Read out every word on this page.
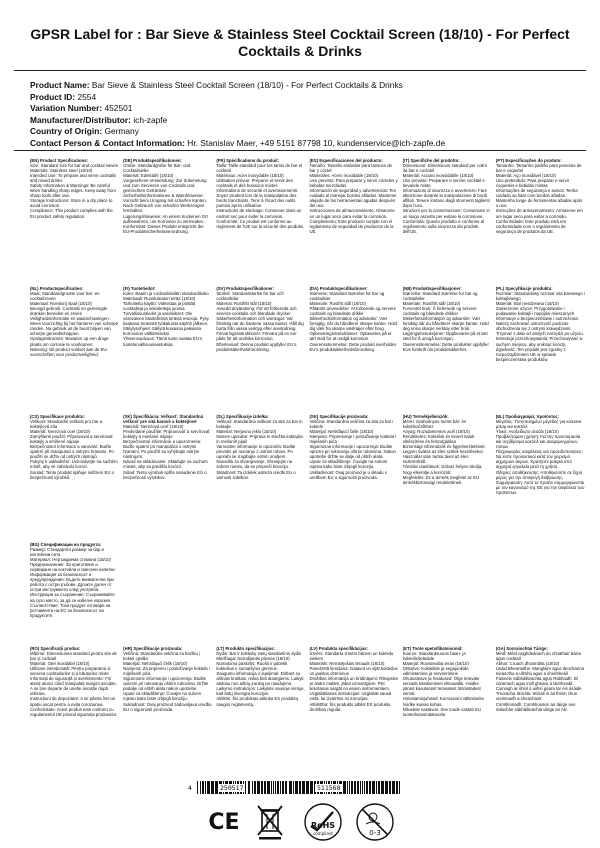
GPSR Label for : Bar Sieve & Stainless Steel Cocktail Screen (18/10) - For Perfect Cocktails & Drinks
Product Name: Bar Sieve & Stainless Steel Cocktail Screen (18/10) - For Perfect Cocktails & Drinks
Product ID: 2554
Variation Number: 452501
Manufacturer/Distributor: ich-zapfe
Country of Origin: Germany
Contact Person & Contact Information: Hr. Stanislav Maer, +49 5151 87798 10, kundenservice@ich-zapfe.de
(EN) Product Specifications:

Size: Standard size for bar and cocktail sieves
Materials: Stainless steel (18/10)
Intended Use: To prepare and serve cocktails and mixed drinks
Safety Information & Warnings: Be careful when handling sharp edges. Keep away from sharp tools after use.
Storage Instructions: Store in a dry place to avoid corrosion.
Compliance: This product complies with the EU product safety regulation.

(DE) Produktspezifikationen:

Größe: Standardgröße für Bar- und Cocktailsiebe
Material: Edelstahl (18/10)
Vorgesehene Verwendung: Zur Zubereitung und zum Servieren von Cocktails und gemischten Getränken
Sicherheitsinformationen & Warnhinweise: Vorsicht beim Umgang mit scharfen Kanten. Nach Gebrauch von scharfen Werkzeugen fernhalten.
Lagerungshinweise: An einem trockenen Ort aufbewahren, um Korrosion zu vermeiden.
Konformität: Dieses Produkt entspricht der EU-Produktsicherheitsverordnung.

(FR) Spécifications du produit:

Taille: Taille standard pour les tamis de bar et cocktail
Matériaux: Acier inoxydable (18/10)
Utilisation prévue: Préparer et servir des cocktails et des boissons mixtes
Informations de sécurité et avertissements: Soyez prudent lors de la manipulation des bords tranchants. Tenir à l'écart des outils pointus après utilisation.
Instructions de stockage: Conserver dans un endroit sec pour éviter la corrosion.
Conformité: Ce produit est conforme au règlement de l'UE sur la sécurité des produits.

(ES) Especificaciones del producto:

Tamaño: Tamaño estándar para tamices de bar y cóctel
Materiales: Acero inoxidable (18/10)
Uso previsto: Para preparar y servir cócteles y bebidas mezcladas
Información de seguridad y advertencias: Ten cuidado al manejar bordes afilados. Mantener alejado de las herramientas agudas después del uso.
Instrucciones de almacenamiento: Almacene en un lugar seco para evitar la corrosión.
Cumplimiento: Este producto cumple con el reglamento de seguridad de productos de la UE.

(IT) Specifiche del prodotto:

Dimensione: Dimensione standard per colini da bar e cocktail
Materiali: Acciaio inossidabile (18/10)
Uso previsto: Preparare e servire cocktail e bevande miste
Informazioni di sicurezza e avvertenze: Fare attenzione durante la manipolazione di bordi affilati. Tenere lontano dagli strumenti taglienti dopo l'uso.
Istruzioni per la conservazione: Conservare in un luogo asciutto per evitare la corrosione.
Conformità: Questo prodotto è conforme al regolamento sulla sicurezza dei prodotti dell'UE.

(PT) Especificações do produto:

Tamanho: Tamanho padrão para peneiras de bar e coquetel
Material: Aço inoxidável (18/10)
Uso pretendido: Para preparar e servir coquetéis e bebidas mistas
Informações de segurança e avisos: Tenha cuidado ao lidar com bordas afiadas. Mantenha longe de ferramentas afiadas após o uso.
Instruções de armazenamento: Armazene em um lugar seco para evitar a corrosão.
Conformidade: Este produto está em conformidade com o regulamento de segurança de produtos da UE.

(NL) Productspecificaties:

Maat: Standaardgrootte voor bar- en cocktailzeven
Materiaal: Roestvrij staal (18/10)
Beoogd gebruik: Cocktails en gemengde dranken bereiden en zeven
Veiligheidsinformatie en waarschuwingen: Wees voorzichtig bij het hanteren van scherpe randen. Na gebruik uit de buurt blijven van scherpe gereedschappen.
Opslaginstructies: Bewaren op een droge plaats om corrosie te voorkomen.
Naleving: Dit product voldoet aan de EU-voorschriften voor productveiligheid.

(FI) Tuotetiedot:

Koko: Baarin ja cocktailsiivilän standardikoko
Materiaali: Ruostumaton teräs (18/10)
Tarkoitettu käyttö: Valmistaa ja pirittää cocktaileja ja sekoitettuja juomia
Turvallisuustiedot ja varoitukset: Ole varovainen käsitellessä teräviä reunoja. Pysy kaukana terävistä työkaluista käytön jälkeen.
Säilytysohjeet: Säilytä kuivassa paikassa korroosion välttämiseksi.
Yhteensopivuus: Tämä tuote vastaa EU:n tuoteturvallisuusasetuksia.

(SV) Produktspecifikationer:

Storlek: Standardstorlek för bar och cocktailsilar
Material: Rostfritt stål (18/10)
Avsedd användning: För att förbereda och servera cocktails och blandade drycker
Säkerhetsinformation och varningar: Var försiktig när du hanterar vassa kanter. Håll dig borta från vassa verktyg efter användning.
Förvaringsinstruktioner: Förvara på en torr plats för att undvika korrosion.
Efterlevnad: Denna produkt uppfyller EU:s produktsäkerhetsförordning.

(DA) Produktspecifikationer:

Størrelse: Standard størrelse for bar og cocktailsier
Materiale: Rustfrit stål (18/10)
Påtænkt anvendelse: At forberede og servere cocktails og blandede drikke
Sikkerhedsinformation og advarsler: Vær forsigtig, når du håndterer skarpe kanter. Hold dig væk fra skarpe værktøjer efter brug.
Opbevaringsinstruktioner: Opbevares på et tørt sted for at undgå korrosion.
Overensstemmelse: Dette produkt overholder EU's produktsikkerhedsforordning.

(NB) Produktspesifikasjoner:

Størrelse: Standard størrelse for bar og cocktailsiler
Materiale: Rustfritt stål (18/10)
Forventet bruk: Å forberede og servere cocktails og blandede drikker
Sikkerhetsinformasjon og advarsler: Vær forsiktig når du håndterer skarpe kanter. Hold deg unna skarpe verktøy etter bruk.
Lagringsinstruksjoner: Oppbevares på et tørt sted for å unngå korrosjon.
Overensstemmelse: Dette produktet oppfyller EUs forskrift om produktsikkerhet.

(PL) Specyfikacje produktu:

Rozmiar: Standardowy rozmiar sita barowego i koktajlowego
Materiał: Stal nierdzewna (18/10)
Zamierzone użycie: Przygotowanie i podawanie koktajli i napojów mieszanych
Informacje o bezpieczeństwie i ostrzeżenia: Należy zachować ostrożność podczas obchodzenia się z ostrymi krawędziami. Trzymać z dala od ostrych narzędzi po użyciu.
Instrukcje przechowywania: Przechowywać w suchym miejscu, aby uniknąć korozji.
Zgodność: Ten produkt jest zgodny z rozporządzeniem UE w sprawie bezpieczeństwa produktów.

(CS) Specifikace produktu:

Velikost: Standardní velikost pro bar a koktejlová síta
Materiál: Nerezová ocel (18/10)
Zamýšlené použití: Připravovat a servírovat koktejly a smíšené nápoje
Bezpečnostní informace a varování: Buďte opatrní při manipulaci s ostrými hranami. Po použití se držte od ostrých nástrojů.
Pokyny k uskladnění: Uchovávejte na suchém místě, aby se zabránilo korozi.
Soulad: Tento produkt splňuje nařízení EU o bezpečnosti výrobků.

(SK) Špecifikácia: Veľkosť: Štandardná veľkosť pre sitá barové a koktejlové

Materiál: Nerezová oceľ (18/10)
Predvídané použitie: Pripravovať a servírovať koktejly a miešané nápoje
Bezpečnostné informácie a upozornenia: Buďte opatrní pri manipulácii s ostrými hranami. Po použití sa vyhýbajte ostrým nástrojom.
Návod na skladovanie: Skladujte na suchom mieste, aby sa predišlo korózii.
Súlad: Tento výrobok spĺňa nariadenie EÚ o bezpečnosti výrobkov.

(SL) Specifikacije izdelka:

Velikost: Standardna velikost za sita za bar in koktajle
Material: Nerjavno jeklo (18/10)
Namen uporabe: Priprava in strežba koktajlov in mešanih pijač
Varnostne informacije in opozorila: Bodite previdni pri ravnanju z ostrimi robovi. Po uporabi se izogibajte ostrim orodjem.
Navodila za shranjevanje: Shranjujte na suhem mestu, da se prepreči korozija.
Skladnost: Ta izdelek ustreza uredbi EU o varnosti izdelkov.

(SK) Specifikacije proizvoda:

Veličina: Standardna veličina za sita za bar i koktele
Materijal: Nehrđajući čelik (18/10)
Namjena: Pripremanje i posluživanje koktela i miješanih pića
Sigurnosne informacije i upozorenja: Budite oprezni pri rukovanju oštrim rubovima. Nakon upotrebe držite se dalje od oštrih alata.
Upute za skladištenje: Čuvajte na suhom mjestu kako biste izbjegli koroziju.
Usklađenost: Ovaj proizvod je u skladu s uredbom EU o sigurnosti proizvoda.

(HU) Termékjellemzők:

Méret: Szabványos méret bár- és koktélszűrőkhöz
Anyag: Rozsdamentes acél (18/10)
Rendeltetés: Koktélok és kevert italok elkészítése és felszolgálása
Biztonsági információk és figyelmeztetések: Legyen óvatos az éles szélek kezelésekor. Használat után tartsa távol az éles eszközöktől.
Tárolási utasítások: Száraz helyen tárolja, hogy elkerülje a korróziót.
Megfelelés: Ez a termék megfelel az EU termékbiztonsági rendeletének.

(EL) Προδιαγραφές προϊόντος:

Μέγεθος: Τυποποιημένο μέγεθος για κόσκινα μπαρ και κοκτέιλ
Υλικό: Ανοξείδωτο ατσάλι (18/10)
Προβλεπόμενη χρήση: Για την προετοιμασία και σερβίρισμα κοκτέιλ και αναμεμειγμένων ποτών
Πληροφορίες ασφάλειας και προειδοποιήσεις: Να είστε προσεκτικοί κατά τον χειρισμό αιχμηρών άκρων. Κρατήστε μακριά από αιχμηρά εργαλεία μετά τη χρήση.
Οδηγίες αποθήκευσης: Αποθηκεύστε σε ξηρό μέρος για την αποφυγή διάβρωσης.
Συμμόρφωση: Αυτό το προϊόν συμμορφώνεται με τον κανονισμό της ΕΕ για την ασφάλεια των προϊόντων.

(BG) Спецификации на продукта:

Размер: Стандартен размер за бар и коктейлни сита
Материал: Неръждаема стомана (18/10)
Предназначение: За приготвяне и сервиране на коктейли и смесени напитки
Информация за безопасност и предупреждения: Бъдете внимателни при работа с остри ръбове. Дръжте далеч от остри инструменти след употреба.
Инструкции за съхранение: Съхранявайте на сухо място, за да се избегне корозия.
Съответствие: Този продукт отговаря на регламента на ЕС за безопасност на продуктите.

(RO) Specificații produs:

Mărime: Dimensiunea standard pentru site de bar și cocktail
Material: Oțel inoxidabil (18/10)
Utilizare intenționată: Pentru prepararea și servirea cocktailurilor și a băuturilor mixte
Informații de siguranță și avertismente: Fiți atenți atunci când manipulați margini ascuțite. A se ține departe de unelte ascuțite după utilizare.
Instrucțiuni de depozitare: A se păstra într-un spațiu uscat pentru a evita coroziunea.
Conformitate: Acest produs este conform cu regulamentul UE privind siguranța produselor.

(HR) Specifikacije proizvoda:

Veličina: Standardna veličina za baršku i koktel cjedila
Materijal: Nehrđajući čelik (18/10)
Namjena: Za pripremu i posluživanje koktela i miješanih pića
Sigurnosne informacije i upozorenja: Budite oprezni pri rukovanju oštrim rubovima. Držite podalje od oštrih alata nakon upotrebe.
Upute za skladištenje: Čuvajte na suhom mjestu kako biste izbjegli koroziju.
Sukladnost: Ovaj proizvod zadovoljava uredbu EU o sigurnosti proizvoda.

(LT) Produkto specifikacijos:

Dydis: Bar ir kokteilių sietų standartinis dydis
Medžiaga: Nerūdijantis plienas (18/10)
Numatoma paskirtis: Ruošti ir patiekti kokteilius ir sumaišytus gėrimus
Saugumo informacija ir įspėjimai: Dirbant su aštriais kraštais, reikia būti atsargiems. Laikyti atokiau nuo aštrių įrankių po naudojimo.
Laikymo instrukcijos: Laikykite sausoje vietoje, kad būtų išvengta korozijos.
Atitiktis: Šis produktas atitinka ES produktų saugos reglamentą.

(LV) Produkta specifikācijas:

Izmērs: Standarta izmērs bāriem un kokteiļu sietiem
Materiāls: Nerūsējošais tērauds (18/10)
Paredzētā lietošana: Gatavot un sijāt kokteiļus un jauktus dzērienus
Drošības informācija un brīdinājumi: Rīkojoties ar asām malām, jābūt uzmanīgiem. Pēc lietošanas sargāt no asiem instrumentiem.
Uzglabāšanas instrukcijas: Uzglabāt sausā vietā, lai izvairītos no korozijas.
Atbilstība: Šis produkts atbilst ES produktu drošības regulai.

(ET) Toote spetsifikatsioonid:

Suurus: Standardsuurus baari- ja kokteilisõeladele
Materjal: Roostevaba teras (18/10)
Otstarve: Kokteilide ja segajookide valmistamine ja serveerimine
Ohutusteave ja hoiatused: Olge teravate servade käsitsemisel ettevaatlik. Hoidke pärast kasutamist teravatest tööriistadest eemal.
Hoiustamisjuhised: Korrosiooni vältimiseks hoidke kuivas kohas.
Nõuetele vastavus: See toode vastab ELi tooteohutusmäärusele.

(GA) Sonraíochtaí Táirge:

Méid: Méid caighdeánach do chriathair barra agus cocktail
Ábhar: Cruach dhosmálta (18/10)
Úsáid Bheartaithe: Manglaim agus deochanna measctha a ullmhú agus a sheirbheáil
Faisnéis Sábháilteachta agus Rabhaidh: Bí cúramach agus imill ghéara á láimhseáil. Coinnigh ar shiúl ó uirlisí géara tar éis úsáide
Treoracha Stórála: Stóráil in áit thirim chun creimeadh a sheachaint.
Comhlíonadh: Comhlíonann an táirge seo rialachán sábháilteachta táirge an AE.

4	250517	511568
CE	RoHS
compliant	0-3
